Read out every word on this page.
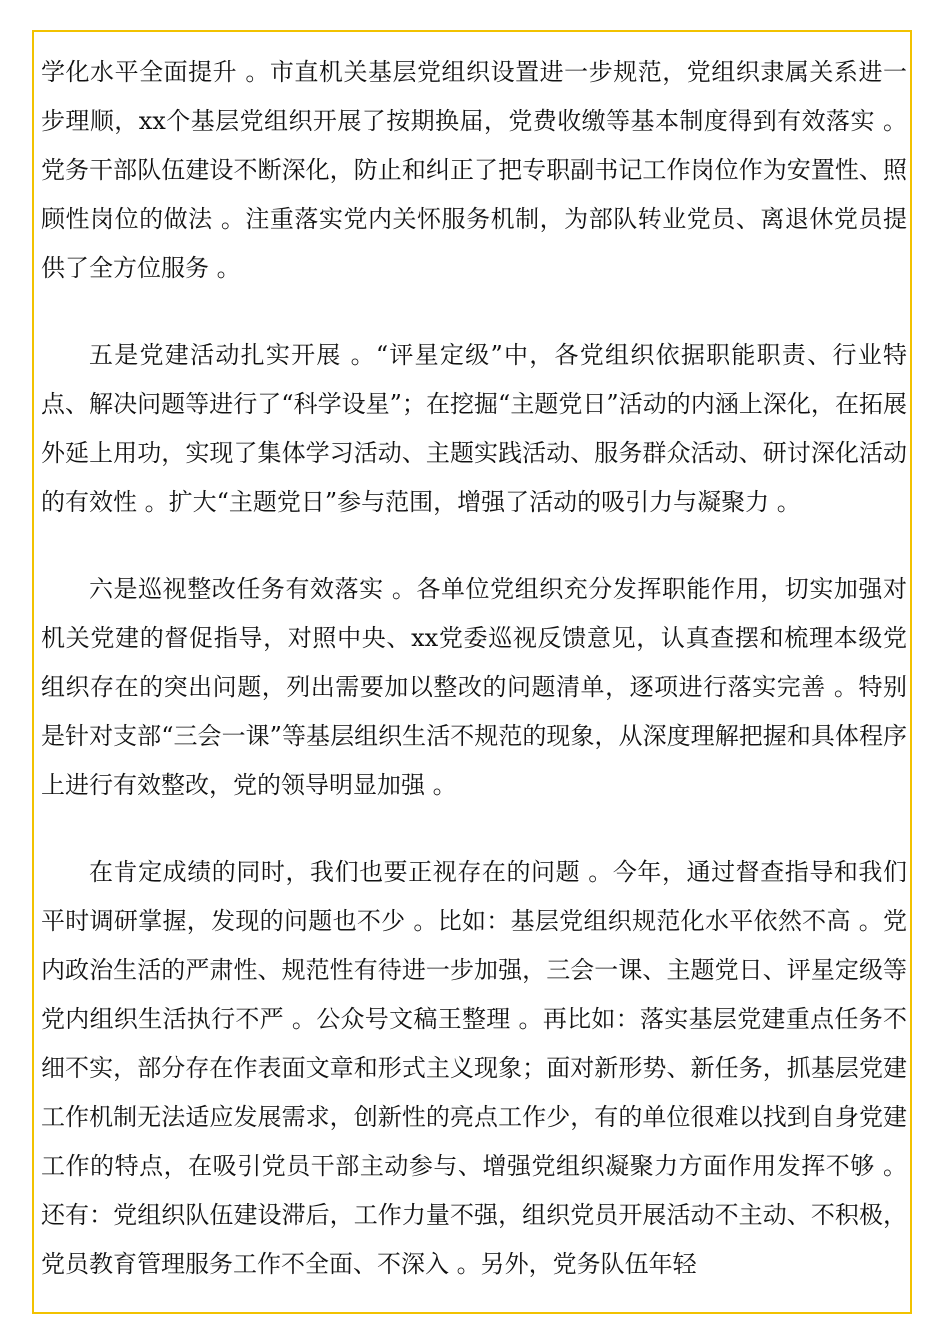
学化水平全面提升 。市直机关基层党组织设置进一步规范，党组织隶属关系进一步理顺，xx个基层党组织开展了按期换届，党费收缴等基本制度得到有效落实 。党务干部队伍建设不断深化，防止和纠正了把专职副书记工作岗位作为安置性、照顾性岗位的做法 。注重落实党内关怀服务机制，为部队转业党员、离退休党员提供了全方位服务 。

五是党建活动扎实开展 。“评星定级”中，各党组织依据职能职责、行业特点、解决问题等进行了“科学设星”；在挖掘“主题党日”活动的内涵上深化，在拓展外延上用功，实现了集体学习活动、主题实践活动、服务群众活动、研讨深化活动的有效性 。扩大“主题党日”参与范围，增强了活动的吸引力与凝聚力 。

六是巡视整改任务有效落实 。各单位党组织充分发挥职能作用，切实加强对机关党建的督促指导，对照中央、xx党委巡视反馈意见，认真查摆和梳理本级党组织存在的突出问题，列出需要加以整改的问题清单，逐项进行落实完善 。特别是针对支部“三会一课”等基层组织生活不规范的现象，从深度理解把握和具体程序上进行有效整改，党的领导明显加强 。

在肯定成绩的同时，我们也要正视存在的问题 。今年，通过督查指导和我们平时调研掌握，发现的问题也不少 。比如：基层党组织规范化水平依然不高 。党内政治生活的严肃性、规范性有待进一步加强，三会一课、主题党日、评星定级等党内组织生活执行不严 。公众号文稿王整理 。再比如：落实基层党建重点任务不细不实，部分存在作表面文章和形式主义现象；面对新形势、新任务，抓基层党建工作机制无法适应发展需求，创新性的亮点工作少，有的单位很难以找到自身党建工作的特点，在吸引党员干部主动参与、增强党组织凝聚力方面作用发挥不够 。还有：党组织队伍建设滞后，工作力量不强，组织党员开展活动不主动、不积极，党员教育管理服务工作不全面、不深入 。另外，党务队伍年轻
